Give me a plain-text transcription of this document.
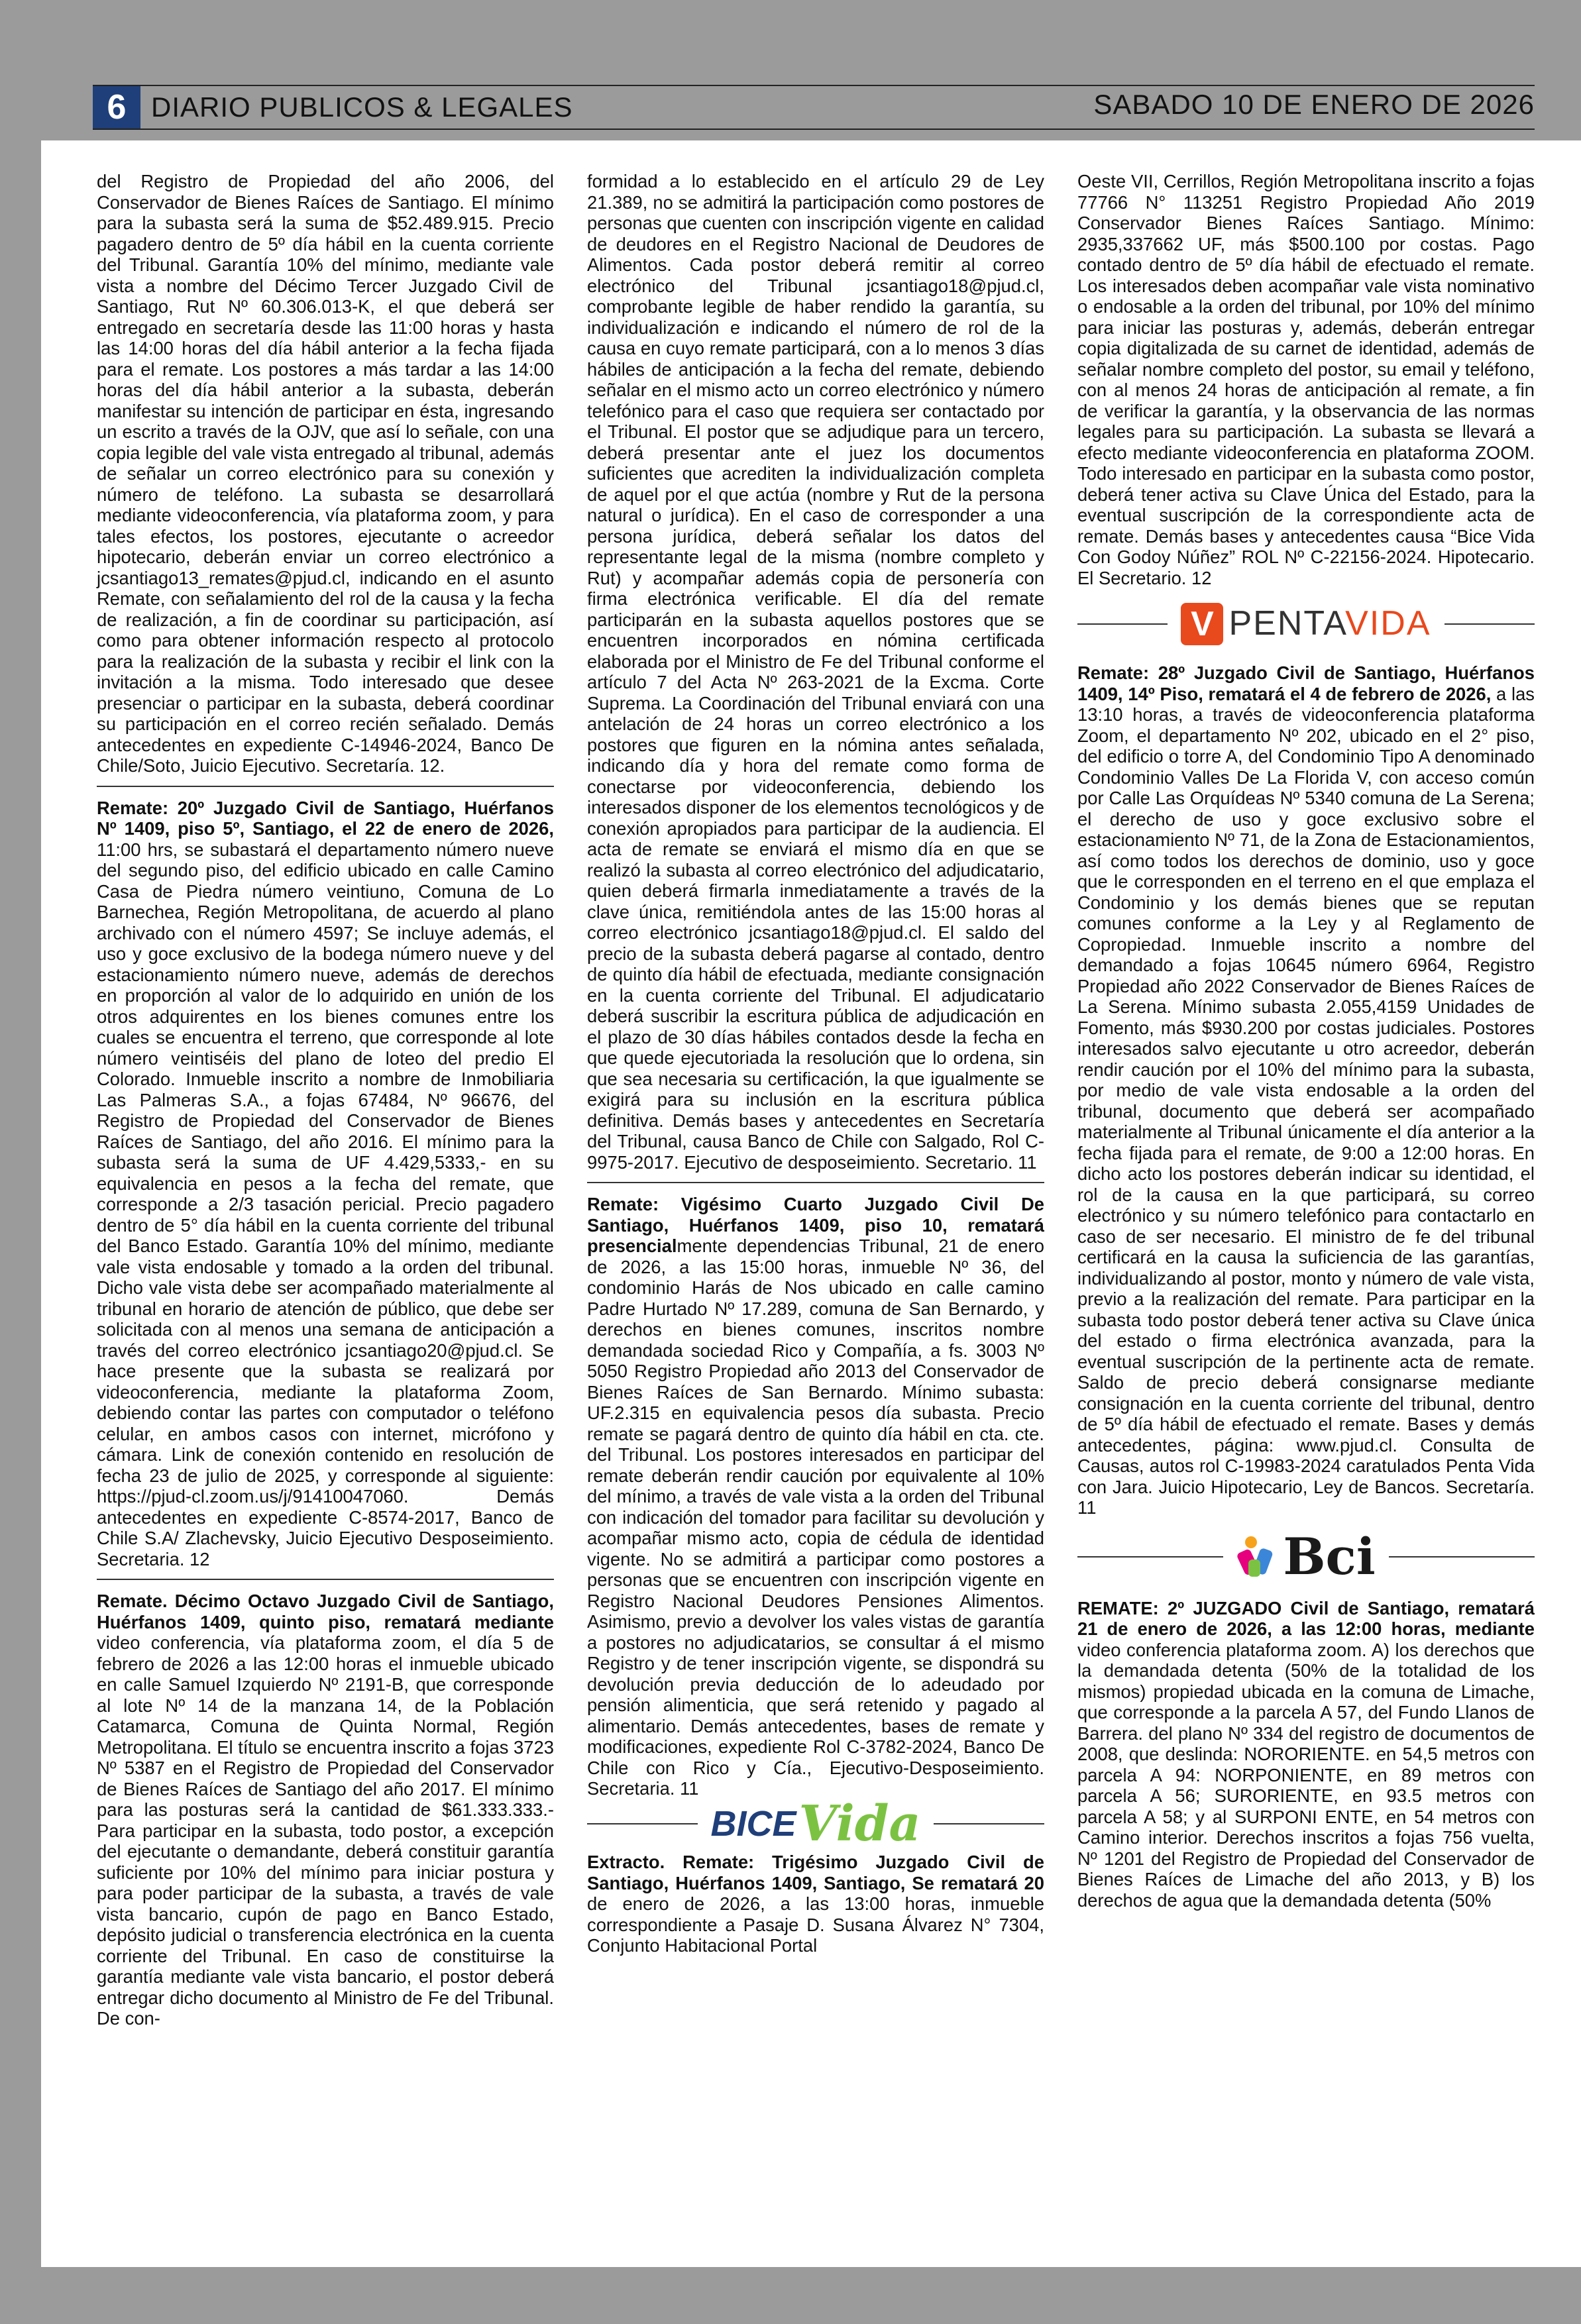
6 DIARIO PUBLICOS & LEGALES	SABADO 10 DE ENERO DE 2026

del Registro de Propiedad del año 2006, del Conservador de Bienes Raíces de Santiago. El mínimo para la subasta será la suma de $52.489.915. Precio pagadero dentro de 5º día hábil en la cuenta corriente del Tribunal. Garantía 10% del mínimo, mediante vale vista a nombre del Décimo Tercer Juzgado Civil de Santiago, Rut Nº 60.306.013-K, el que deberá ser entregado en secretaría desde las 11:00 horas y hasta las 14:00 horas del día hábil anterior a la fecha fijada para el remate. Los postores a más tardar a las 14:00 horas del día hábil anterior a la subasta, deberán manifestar su intención de participar en ésta, ingresando un escrito a través de la OJV, que así lo señale, con una copia legible del vale vista entregado al tribunal, además de señalar un correo electrónico para su conexión y número de teléfono. La subasta se desarrollará mediante videoconferencia, vía plataforma zoom, y para tales efectos, los postores, ejecutante o acreedor hipotecario, deberán enviar un correo electrónico a jcsantiago13_remates@pjud.cl, indicando en el asunto Remate, con señalamiento del rol de la causa y la fecha de realización, a fin de coordinar su participación, así como para obtener información respecto al protocolo para la realización de la subasta y recibir el link con la invitación a la misma. Todo interesado que desee presenciar o participar en la subasta, deberá coordinar su participación en el correo recién señalado. Demás antecedentes en expediente C-14946-2024, Banco De Chile/Soto, Juicio Ejecutivo. Secretaría. 12.

Remate: 20º Juzgado Civil de Santiago, Huérfanos Nº 1409, piso 5º, Santiago, el 22 de enero de 2026, 11:00 hrs, se subastará el departamento número nueve del segundo piso, del edificio ubicado en calle Camino Casa de Piedra número veintiuno, Comuna de Lo Barnechea, Región Metropolitana, de acuerdo al plano archivado con el número 4597; Se incluye además, el uso y goce exclusivo de la bodega número nueve y del estacionamiento número nueve, además de derechos en proporción al valor de lo adquirido en unión de los otros adquirentes en los bienes comunes entre los cuales se encuentra el terreno, que corresponde al lote número veintiséis del plano de loteo del predio El Colorado. Inmueble inscrito a nombre de Inmobiliaria Las Palmeras S.A., a fojas 67484, Nº 96676, del Registro de Propiedad del Conservador de Bienes Raíces de Santiago, del año 2016. El mínimo para la subasta será la suma de UF 4.429,5333,- en su equivalencia en pesos a la fecha del remate, que corresponde a 2/3 tasación pericial. Precio pagadero dentro de 5° día hábil en la cuenta corriente del tribunal del Banco Estado. Garantía 10% del mínimo, mediante vale vista endosable y tomado a la orden del tribunal. Dicho vale vista debe ser acompañado materialmente al tribunal en horario de atención de público, que debe ser solicitada con al menos una semana de anticipación a través del correo electrónico jcsantiago20@pjud.cl. Se hace presente que la subasta se realizará por videoconferencia, mediante la plataforma Zoom, debiendo contar las partes con computador o teléfono celular, en ambos casos con internet, micrófono y cámara. Link de conexión contenido en resolución de fecha 23 de julio de 2025, y corresponde al siguiente: https://pjud-cl.zoom.us/j/91410047060. Demás antecedentes en expediente C-8574-2017, Banco de Chile S.A/ Zlachevsky, Juicio Ejecutivo Desposeimiento. Secretaria. 12

Remate. Décimo Octavo Juzgado Civil de Santiago, Huérfanos 1409, quinto piso, rematará mediante video conferencia, vía plataforma zoom, el día 5 de febrero de 2026 a las 12:00 horas el inmueble ubicado en calle Samuel Izquierdo Nº 2191-B, que corresponde al lote Nº 14 de la manzana 14, de la Población Catamarca, Comuna de Quinta Normal, Región Metropolitana. El título se encuentra inscrito a fojas 3723 Nº 5387 en el Registro de Propiedad del Conservador de Bienes Raíces de Santiago del año 2017. El mínimo para las posturas será la cantidad de $61.333.333.- Para participar en la subasta, todo postor, a excepción del ejecutante o demandante, deberá constituir garantía suficiente por 10% del mínimo para iniciar postura y para poder participar de la subasta, a través de vale vista bancario, cupón de pago en Banco Estado, depósito judicial o transferencia electrónica en la cuenta corriente del Tribunal. En caso de constituirse la garantía mediante vale vista bancario, el postor deberá entregar dicho documento al Ministro de Fe del Tribunal. De con-

formidad a lo establecido en el artículo 29 de Ley 21.389, no se admitirá la participación como postores de personas que cuenten con inscripción vigente en calidad de deudores en el Registro Nacional de Deudores de Alimentos. Cada postor deberá remitir al correo electrónico del Tribunal jcsantiago18@pjud.cl, comprobante legible de haber rendido la garantía, su individualización e indicando el número de rol de la causa en cuyo remate participará, con a lo menos 3 días hábiles de anticipación a la fecha del remate, debiendo señalar en el mismo acto un correo electrónico y número telefónico para el caso que requiera ser contactado por el Tribunal. El postor que se adjudique para un tercero, deberá presentar ante el juez los documentos suficientes que acrediten la individualización completa de aquel por el que actúa (nombre y Rut de la persona natural o jurídica). En el caso de corresponder a una persona jurídica, deberá señalar los datos del representante legal de la misma (nombre completo y Rut) y acompañar además copia de personería con firma electrónica verificable. El día del remate participarán en la subasta aquellos postores que se encuentren incorporados en nómina certificada elaborada por el Ministro de Fe del Tribunal conforme el artículo 7 del Acta Nº 263-2021 de la Excma. Corte Suprema. La Coordinación del Tribunal enviará con una antelación de 24 horas un correo electrónico a los postores que figuren en la nómina antes señalada, indicando día y hora del remate como forma de conectarse por videoconferencia, debiendo los interesados disponer de los elementos tecnológicos y de conexión apropiados para participar de la audiencia. El acta de remate se enviará el mismo día en que se realizó la subasta al correo electrónico del adjudicatario, quien deberá firmarla inmediatamente a través de la clave única, remitiéndola antes de las 15:00 horas al correo electrónico jcsantiago18@pjud.cl. El saldo del precio de la subasta deberá pagarse al contado, dentro de quinto día hábil de efectuada, mediante consignación en la cuenta corriente del Tribunal. El adjudicatario deberá suscribir la escritura pública de adjudicación en el plazo de 30 días hábiles contados desde la fecha en que quede ejecutoriada la resolución que lo ordena, sin que sea necesaria su certificación, la que igualmente se exigirá para su inclusión en la escritura pública definitiva. Demás bases y antecedentes en Secretaría del Tribunal, causa Banco de Chile con Salgado, Rol C-9975-2017. Ejecutivo de desposeimiento. Secretario. 11

Remate: Vigésimo Cuarto Juzgado Civil De Santiago, Huérfanos 1409, piso 10, rematará presencialmente dependencias Tribunal, 21 de enero de 2026, a las 15:00 horas, inmueble Nº 36, del condominio Harás de Nos ubicado en calle camino Padre Hurtado Nº 17.289, comuna de San Bernardo, y derechos en bienes comunes, inscritos nombre demandada sociedad Rico y Compañía, a fs. 3003 Nº 5050 Registro Propiedad año 2013 del Conservador de Bienes Raíces de San Bernardo. Mínimo subasta: UF.2.315 en equivalencia pesos día subasta. Precio remate se pagará dentro de quinto día hábil en cta. cte. del Tribunal. Los postores interesados en participar del remate deberán rendir caución por equivalente al 10% del mínimo, a través de vale vista a la orden del Tribunal con indicación del tomador para facilitar su devolución y acompañar mismo acto, copia de cédula de identidad vigente. No se admitirá a participar como postores a personas que se encuentren con inscripción vigente en Registro Nacional Deudores Pensiones Alimentos. Asimismo, previo a devolver los vales vistas de garantía a postores no adjudicatarios, se consultar á el mismo Registro y de tener inscripción vigente, se dispondrá su devolución previa deducción de lo adeudado por pensión alimenticia, que será retenido y pagado al alimentario. Demás antecedentes, bases de remate y modificaciones, expediente Rol C-3782-2024, Banco De Chile con Rico y Cía., Ejecutivo-Desposeimiento. Secretaria. 11

BICE Vida

Extracto. Remate: Trigésimo Juzgado Civil de Santiago, Huérfanos 1409, Santiago, Se rematará 20 de enero de 2026, a las 13:00 horas, inmueble correspondiente a Pasaje D. Susana Álvarez N° 7304, Conjunto Habitacional Portal

Oeste VII, Cerrillos, Región Metropolitana inscrito a fojas 77766 N° 113251 Registro Propiedad Año 2019 Conservador Bienes Raíces Santiago. Mínimo: 2935,337662 UF, más $500.100 por costas. Pago contado dentro de 5º día hábil de efectuado el remate. Los interesados deben acompañar vale vista nominativo o endosable a la orden del tribunal, por 10% del mínimo para iniciar las posturas y, además, deberán entregar copia digitalizada de su carnet de identidad, además de señalar nombre completo del postor, su email y teléfono, con al menos 24 horas de anticipación al remate, a fin de verificar la garantía, y la observancia de las normas legales para su participación. La subasta se llevará a efecto mediante videoconferencia en plataforma ZOOM. Todo interesado en participar en la subasta como postor, deberá tener activa su Clave Única del Estado, para la eventual suscripción de la correspondiente acta de remate. Demás bases y antecedentes causa “Bice Vida Con Godoy Núñez” ROL Nº C-22156-2024. Hipotecario. El Secretario. 12

V PENTAVIDA

Remate: 28º Juzgado Civil de Santiago, Huérfanos 1409, 14º Piso, rematará el 4 de febrero de 2026, a las 13:10 horas, a través de videoconferencia plataforma Zoom, el departamento Nº 202, ubicado en el 2° piso, del edificio o torre A, del Condominio Tipo A denominado Condominio Valles De La Florida V, con acceso común por Calle Las Orquídeas Nº 5340 comuna de La Serena; el derecho de uso y goce exclusivo sobre el estacionamiento Nº 71, de la Zona de Estacionamientos, así como todos los derechos de dominio, uso y goce que le corresponden en el terreno en el que emplaza el Condominio y los demás bienes que se reputan comunes conforme a la Ley y al Reglamento de Copropiedad. Inmueble inscrito a nombre del demandado a fojas 10645 número 6964, Registro Propiedad año 2022 Conservador de Bienes Raíces de La Serena. Mínimo subasta 2.055,4159 Unidades de Fomento, más $930.200 por costas judiciales. Postores interesados salvo ejecutante u otro acreedor, deberán rendir caución por el 10% del mínimo para la subasta, por medio de vale vista endosable a la orden del tribunal, documento que deberá ser acompañado materialmente al Tribunal únicamente el día anterior a la fecha fijada para el remate, de 9:00 a 12:00 horas. En dicho acto los postores deberán indicar su identidad, el rol de la causa en la que participará, su correo electrónico y su número telefónico para contactarlo en caso de ser necesario. El ministro de fe del tribunal certificará en la causa la suficiencia de las garantías, individualizando al postor, monto y número de vale vista, previo a la realización del remate. Para participar en la subasta todo postor deberá tener activa su Clave única del estado o firma electrónica avanzada, para la eventual suscripción de la pertinente acta de remate. Saldo de precio deberá consignarse mediante consignación en la cuenta corriente del tribunal, dentro de 5º día hábil de efectuado el remate. Bases y demás antecedentes, página: www.pjud.cl. Consulta de Causas, autos rol C-19983-2024 caratulados Penta Vida con Jara. Juicio Hipotecario, Ley de Bancos. Secretaría. 11

Bci

REMATE: 2º JUZGADO Civil de Santiago, rematará 21 de enero de 2026, a las 12:00 horas, mediante video conferencia plataforma zoom. A) los derechos que la demandada detenta (50% de la totalidad de los mismos) propiedad ubicada en la comuna de Limache, que corresponde a la parcela A 57, del Fundo Llanos de Barrera. del plano Nº 334 del registro de documentos de 2008, que deslinda: NORORIENTE. en 54,5 metros con parcela A 94: NORPONIENTE, en 89 metros con parcela A 56; SURORIENTE, en 93.5 metros con parcela A 58; y al SURPONI ENTE, en 54 metros con Camino interior. Derechos inscritos a fojas 756 vuelta, Nº 1201 del Registro de Propiedad del Conservador de Bienes Raíces de Limache del año 2013, y B) los derechos de agua que la demandada detenta (50%
